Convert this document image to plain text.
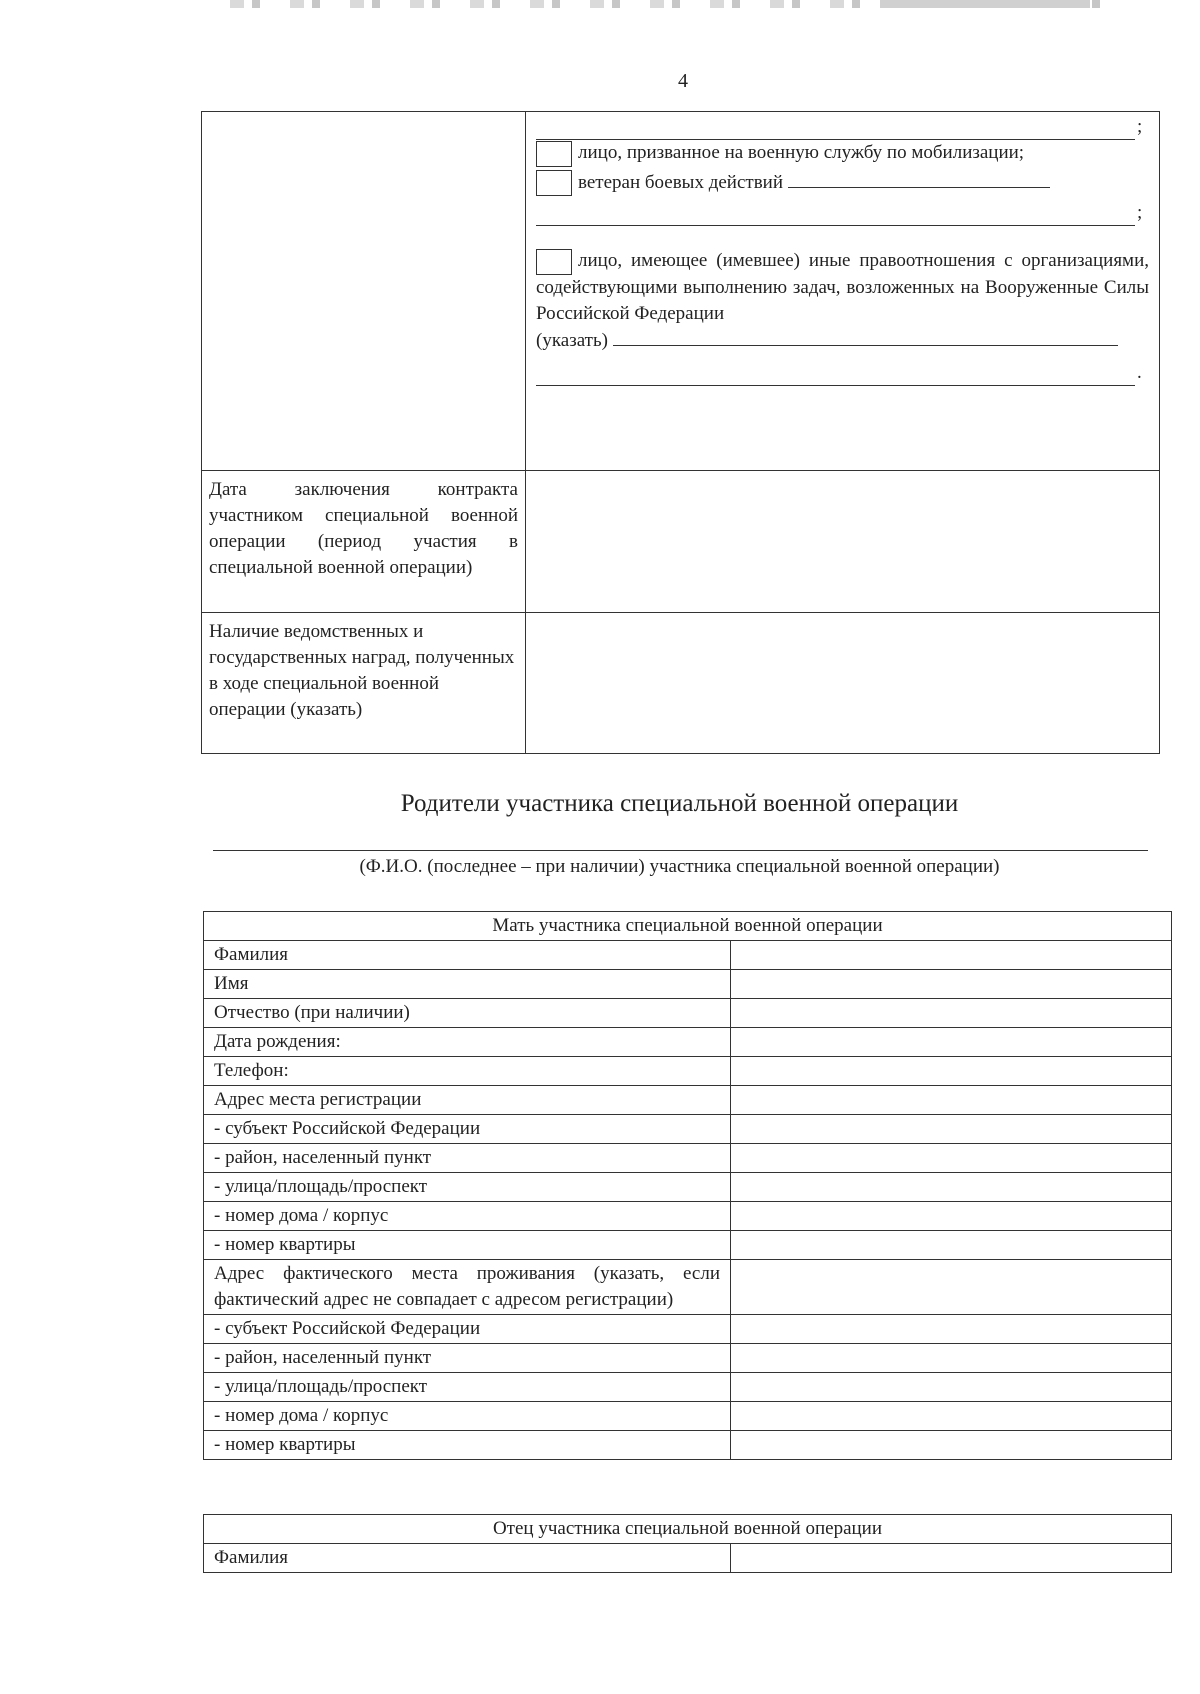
4
;
лицо, призванное на военную службу по мобилизации;
ветеран боевых действий
;
лицо, имеющее (имевшее) иные правоотношения с организациями, содействующими выполнению задач, возложенных на Вооруженные Силы Российской Федерации
(указать)
.
Дата заключения контракта участником специальной военной операции (период участия в специальной военной операции)
Наличие ведомственных и государственных наград, полученных в ходе специальной военной операции (указать)
Родители участника специальной военной операции
(Ф.И.О. (последнее – при наличии) участника специальной военной операции)
Мать участника специальной военной операции
Фамилия
Имя
Отчество (при наличии)
Дата рождения:
Телефон:
Адрес места регистрации
- субъект Российской Федерации
- район, населенный пункт
- улица/площадь/проспект
- номер дома / корпус
- номер квартиры
Адрес фактического места проживания (указать, если фактический адрес не совпадает с адресом регистрации)
- субъект Российской Федерации
- район, населенный пункт
- улица/площадь/проспект
- номер дома / корпус
- номер квартиры
Отец участника специальной военной операции
Фамилия
